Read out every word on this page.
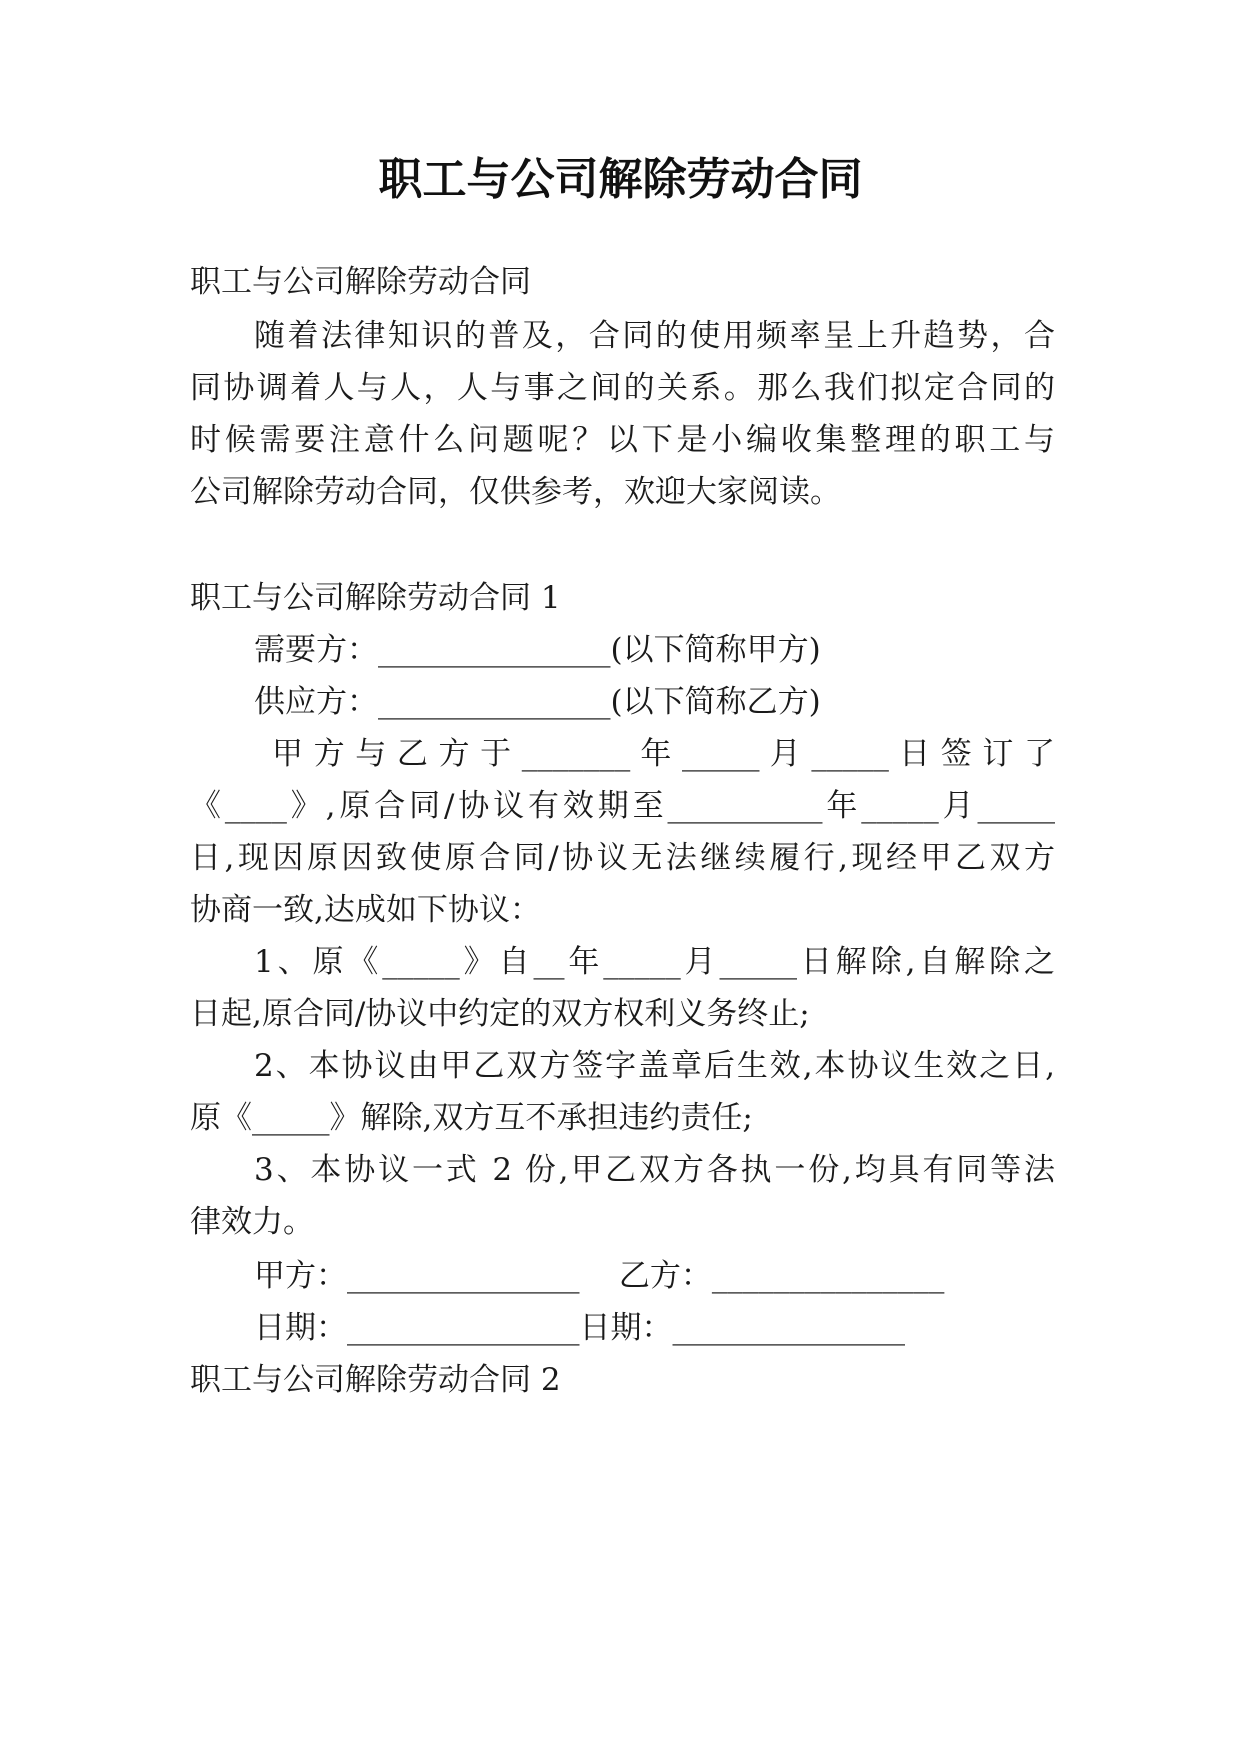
职工与公司解除劳动合同

职工与公司解除劳动合同

随着法律知识的普及，合同的使用频率呈上升趋势，合

同协调着人与人，人与事之间的关系。那么我们拟定合同的

时候需要注意什么问题呢？以下是小编收集整理的职工与

公司解除劳动合同，仅供参考，欢迎大家阅读。

职工与公司解除劳动合同 1

需要方：_______________(以下简称甲方)

供应方：_______________(以下简称乙方)

甲 方 与 乙 方 于 _______ 年 _____ 月 _____ 日 签 订 了

《____》,原合同/协议有效期至__________年_____月_____

日,现因原因致使原合同/协议无法继续履行,现经甲乙双方

协商一致,达成如下协议：

1、原《_____》自__年_____月_____日解除,自解除之

日起,原合同/协议中约定的双方权利义务终止;

2、本协议由甲乙双方签字盖章后生效,本协议生效之日,

原《_____》解除,双方互不承担违约责任;

3、本协议一式 2 份,甲乙双方各执一份,均具有同等法

律效力。

甲方：_______________    乙方：_______________

日期：_______________日期：_______________

职工与公司解除劳动合同 2
